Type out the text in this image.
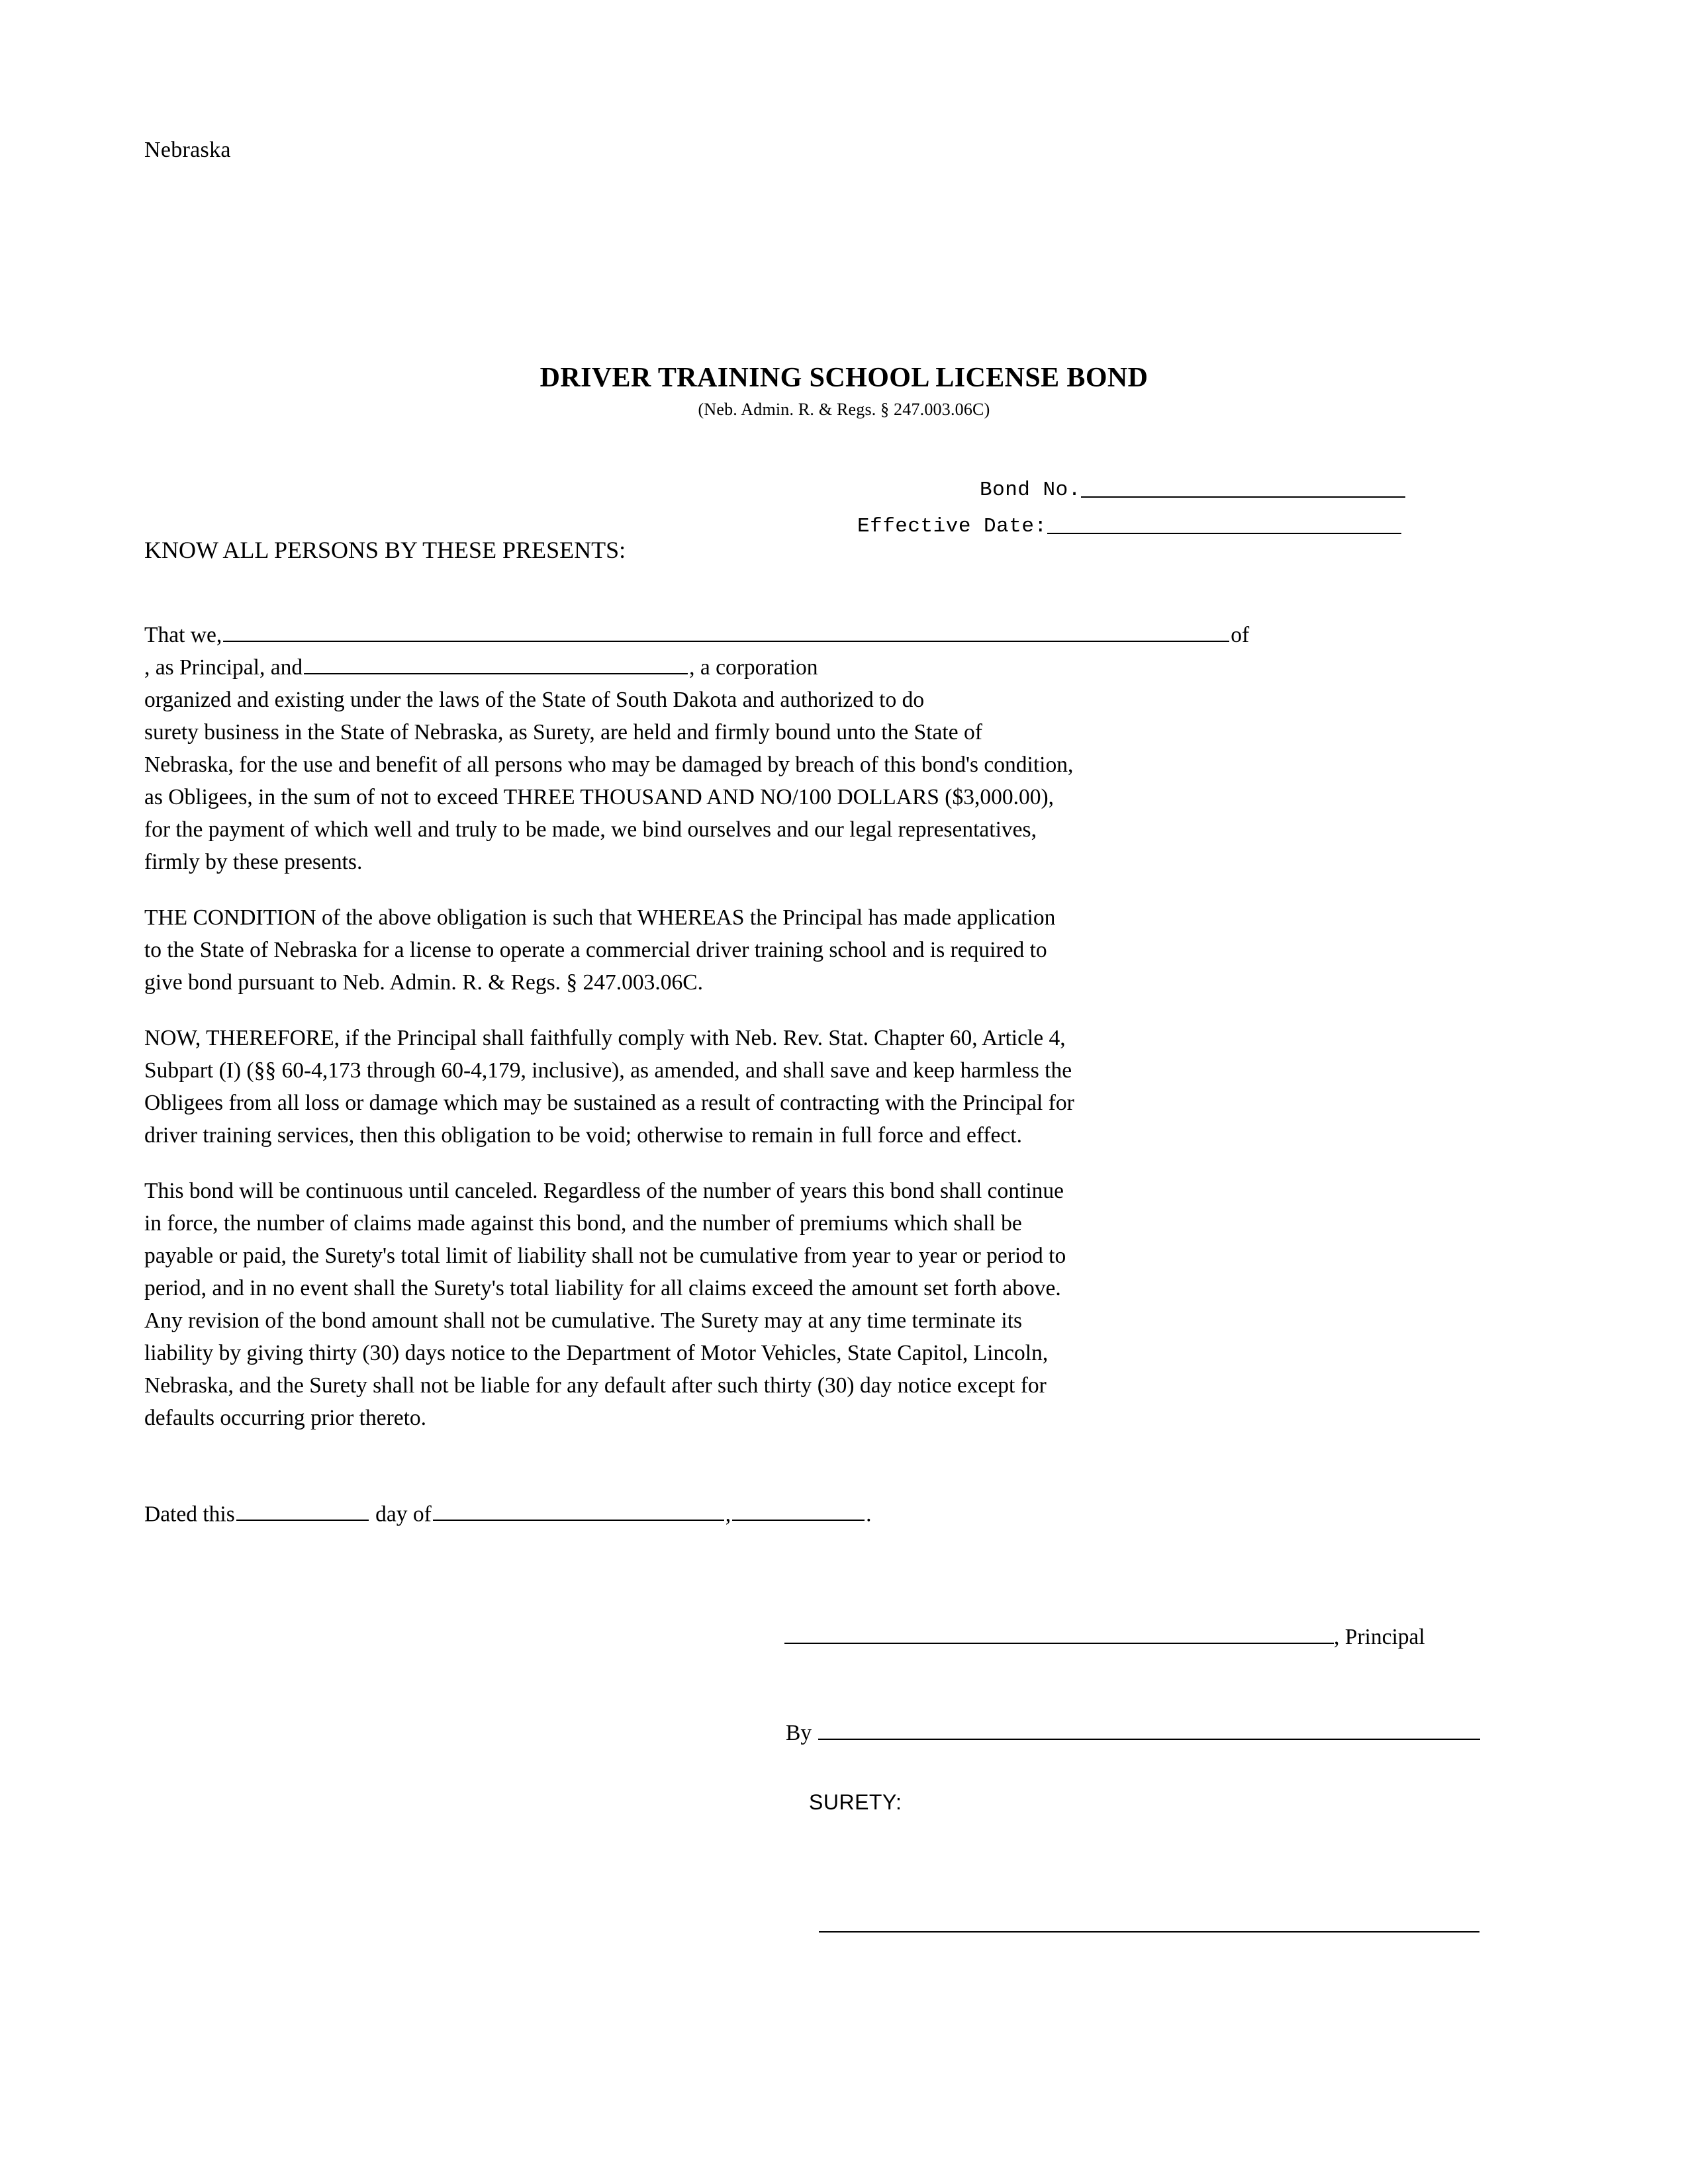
Nebraska
DRIVER TRAINING SCHOOL LICENSE BOND
(Neb. Admin. R. & Regs. § 247.003.06C)
Bond No.
Effective Date:
KNOW ALL PERSONS BY THESE PRESENTS:
That we,	of
, as Principal, and	, a corporation
organized and existing under the laws of the State of South Dakota and authorized to do
surety business in the State of Nebraska, as Surety, are held and firmly bound unto the State of
Nebraska, for the use and benefit of all persons who may be damaged by breach of this bond's condition,
as Obligees, in the sum of not to exceed THREE THOUSAND AND NO/100 DOLLARS ($3,000.00),
for the payment of which well and truly to be made, we bind ourselves and our legal representatives,
firmly by these presents.
THE CONDITION of the above obligation is such that WHEREAS the Principal has made application
to the State of Nebraska for a license to operate a commercial driver training school and is required to
give bond pursuant to Neb. Admin. R. & Regs. § 247.003.06C.
NOW, THEREFORE, if the Principal shall faithfully comply with Neb. Rev. Stat. Chapter 60, Article 4,
Subpart (I) (§§ 60-4,173 through 60-4,179, inclusive), as amended, and shall save and keep harmless the
Obligees from all loss or damage which may be sustained as a result of contracting with the Principal for
driver training services, then this obligation to be void; otherwise to remain in full force and effect.
This bond will be continuous until canceled. Regardless of the number of years this bond shall continue
in force, the number of claims made against this bond, and the number of premiums which shall be
payable or paid, the Surety's total limit of liability shall not be cumulative from year to year or period to
period, and in no event shall the Surety's total liability for all claims exceed the amount set forth above.
Any revision of the bond amount shall not be cumulative. The Surety may at any time terminate its
liability by giving thirty (30) days notice to the Department of Motor Vehicles, State Capitol, Lincoln,
Nebraska, and the Surety shall not be liable for any default after such thirty (30) day notice except for
defaults occurring prior thereto.
Dated this	day of	,	.
, Principal
By
SURETY:
